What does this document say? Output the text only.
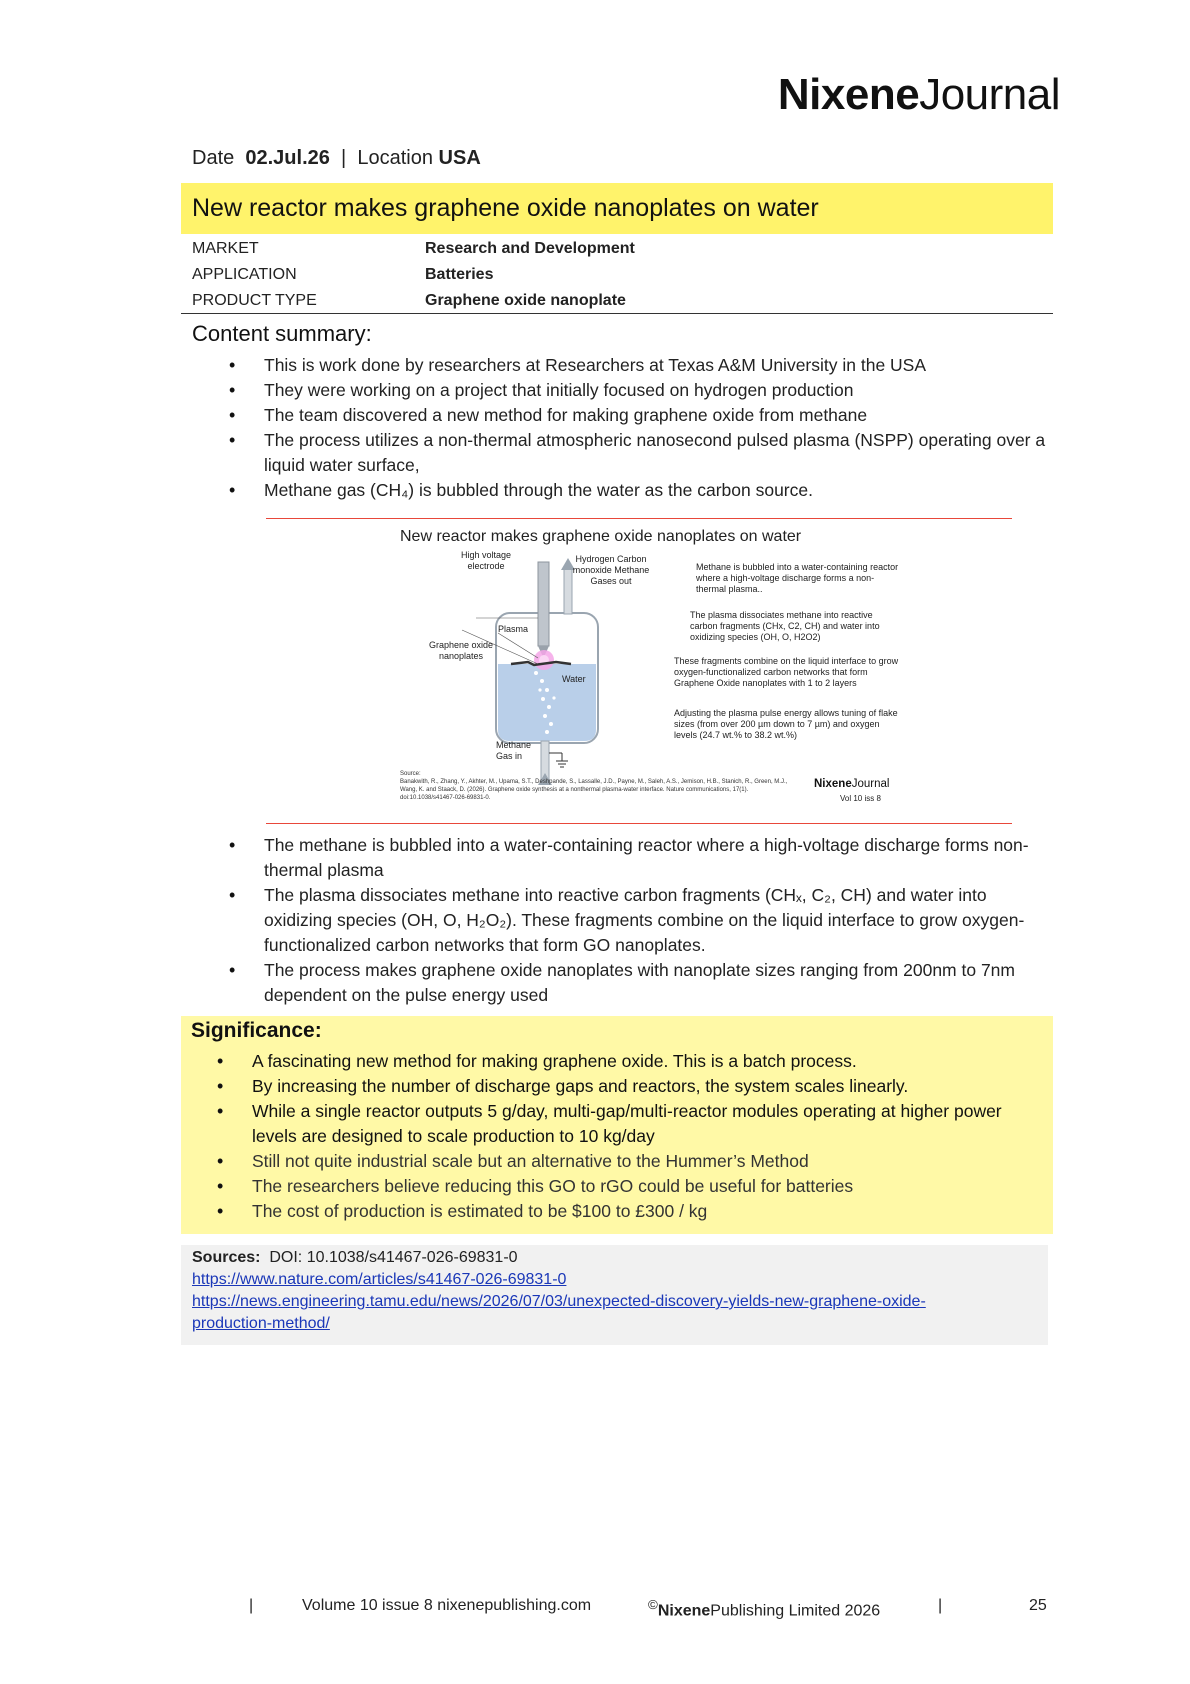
NixeneJournal
Date 02.Jul.26 | Location USA
New reactor makes graphene oxide nanoplates on water
MARKET	Research and Development
APPLICATION	Batteries
PRODUCT TYPE	Graphene oxide nanoplate
Content summary:
• This is work done by researchers at Researchers at Texas A&M University in the USA
• They were working on a project that initially focused on hydrogen production
• The team discovered a new method for making graphene oxide from methane
• The process utilizes a non-thermal atmospheric nanosecond pulsed plasma (NSPP) operating over a liquid water surface,
• Methane gas (CH₄) is bubbled through the water as the carbon source.
New reactor makes graphene oxide nanoplates on water
High voltage electrode
Hydrogen Carbon monoxide Methane Gases out
Plasma
Graphene oxide nanoplates
Water
Methane Gas in
Methane is bubbled into a water-containing reactor where a high-voltage discharge forms a non-thermal plasma..
The plasma dissociates methane into reactive carbon fragments (CHx, C2, CH) and water into oxidizing species (OH, O, H2O2)
These fragments combine on the liquid interface to grow oxygen-functionalized carbon networks that form Graphene Oxide nanoplates with 1 to 2 layers
Adjusting the plasma pulse energy allows tuning of flake sizes (from over 200 µm down to 7 µm) and oxygen levels (24.7 wt.% to 38.2 wt.%)
Source:
Banakwith, R., Zhang, Y., Akhter, M., Upama, S.T., Deshpande, S., Lassalle, J.D., Payne, M., Saleh, A.S., Jemison, H.B., Stanich, R., Green, M.J., Wang, K. and Staack, D. (2026). Graphene oxide synthesis at a nonthermal plasma-water interface. Nature communications, 17(1). doi:10.1038/s41467-026-69831-0.
NixeneJournal
Vol 10 iss 8
• The methane is bubbled into a water-containing reactor where a high-voltage discharge forms non-thermal plasma
• The plasma dissociates methane into reactive carbon fragments (CHₓ, C₂, CH) and water into oxidizing species (OH, O, H₂O₂). These fragments combine on the liquid interface to grow oxygen-functionalized carbon networks that form GO nanoplates.
• The process makes graphene oxide nanoplates with nanoplate sizes ranging from 200nm to 7nm dependent on the pulse energy used
Significance:
• A fascinating new method for making graphene oxide. This is a batch process.
• By increasing the number of discharge gaps and reactors, the system scales linearly.
• While a single reactor outputs 5 g/day, multi-gap/multi-reactor modules operating at higher power levels are designed to scale production to 10 kg/day
• Still not quite industrial scale but an alternative to the Hummer’s Method
• The researchers believe reducing this GO to rGO could be useful for batteries
• The cost of production is estimated to be $100 to £300 / kg
Sources: DOI: 10.1038/s41467-026-69831-0
https://www.nature.com/articles/s41467-026-69831-0
https://news.engineering.tamu.edu/news/2026/07/03/unexpected-discovery-yields-new-graphene-oxide-
production-method/
|	Volume 10 issue 8 nixenepublishing.com	©NixenePublishing Limited 2026	|	25
